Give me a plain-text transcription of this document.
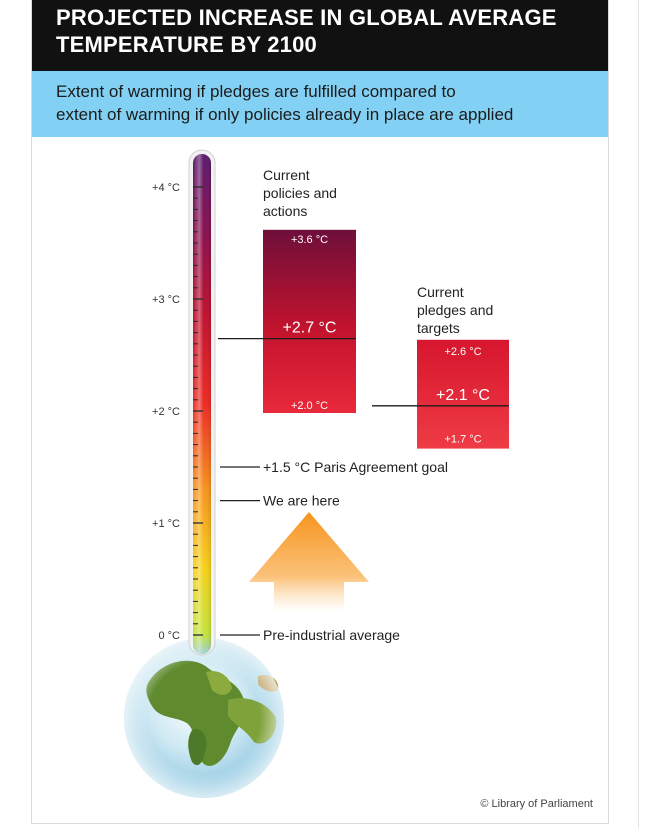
PROJECTED INCREASE IN GLOBAL AVERAGE
TEMPERATURE BY 2100
Extent of warming if pledges are fulfilled compared to
extent of warming if only policies already in place are applied
0 °C
+1 °C
+2 °C
+3 °C
+4 °C
Pre-industrial average
We are here
+1.5 °C Paris Agreement goal
Current
policies and
actions
+3.6 °C
+2.0 °C
+2.7 °C
Current
pledges and
targets
+2.6 °C
+1.7 °C
+2.1 °C
© Library of Parliament
